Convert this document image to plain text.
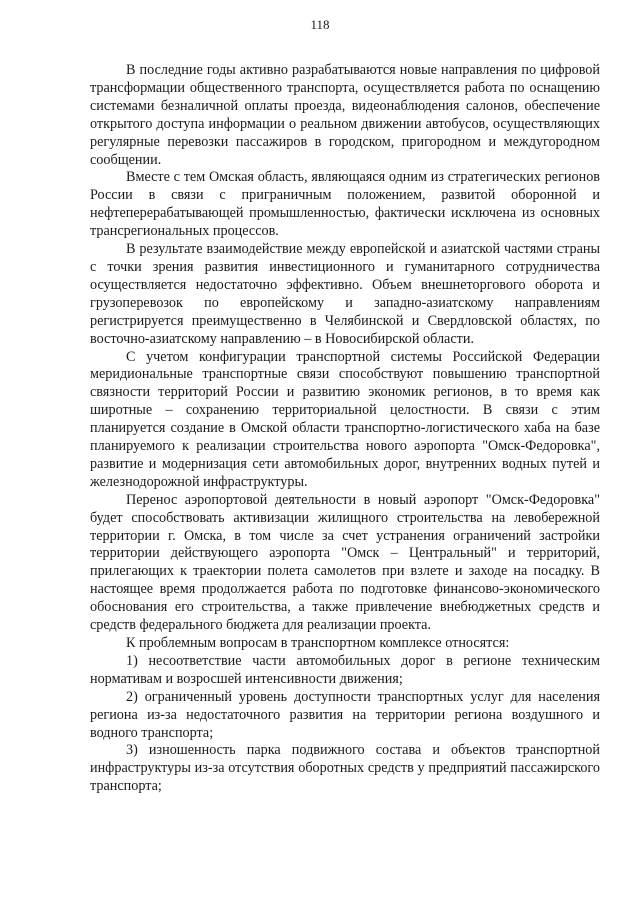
118

В последние годы активно разрабатываются новые направления по цифровой трансформации общественного транспорта, осуществляется работа по оснащению системами безналичной оплаты проезда, видеонаблюдения салонов, обеспечение открытого доступа информации о реальном движении автобусов, осуществляющих регулярные перевозки пассажиров в городском, пригородном и междугородном сообщении.

Вместе с тем Омская область, являющаяся одним из стратегических регионов России в связи с приграничным положением, развитой оборонной и нефтеперерабатывающей промышленностью, фактически исключена из основных трансрегиональных процессов.

В результате взаимодействие между европейской и азиатской частями страны с точки зрения развития инвестиционного и гуманитарного сотрудничества осуществляется недостаточно эффективно. Объем внешнеторгового оборота и грузоперевозок по европейскому и западно-азиатскому направлениям регистрируется преимущественно в Челябинской и Свердловской областях, по восточно-азиатскому направлению – в Новосибирской области.

С учетом конфигурации транспортной системы Российской Федерации меридиональные транспортные связи способствуют повышению транспортной связности территорий России и развитию экономик регионов, в то время как широтные – сохранению территориальной целостности. В связи с этим планируется создание в Омской области транспортно-логистического хаба на базе планируемого к реализации строительства нового аэропорта "Омск-Федоровка", развитие и модернизация сети автомобильных дорог, внутренних водных путей и железнодорожной инфраструктуры.

Перенос аэропортовой деятельности в новый аэропорт "Омск-Федоровка" будет способствовать активизации жилищного строительства на левобережной территории г. Омска, в том числе за счет устранения ограничений застройки территории действующего аэропорта "Омск – Центральный" и территорий, прилегающих к траектории полета самолетов при взлете и заходе на посадку. В настоящее время продолжается работа по подготовке финансово-экономического обоснования его строительства, а также привлечение внебюджетных средств и средств федерального бюджета для реализации проекта.

К проблемным вопросам в транспортном комплексе относятся:

1) несоответствие части автомобильных дорог в регионе техническим нормативам и возросшей интенсивности движения;

2) ограниченный уровень доступности транспортных услуг для населения региона из-за недостаточного развития на территории региона воздушного и водного транспорта;

3) изношенность парка подвижного состава и объектов транспортной инфраструктуры из-за отсутствия оборотных средств у предприятий пассажирского транспорта;
